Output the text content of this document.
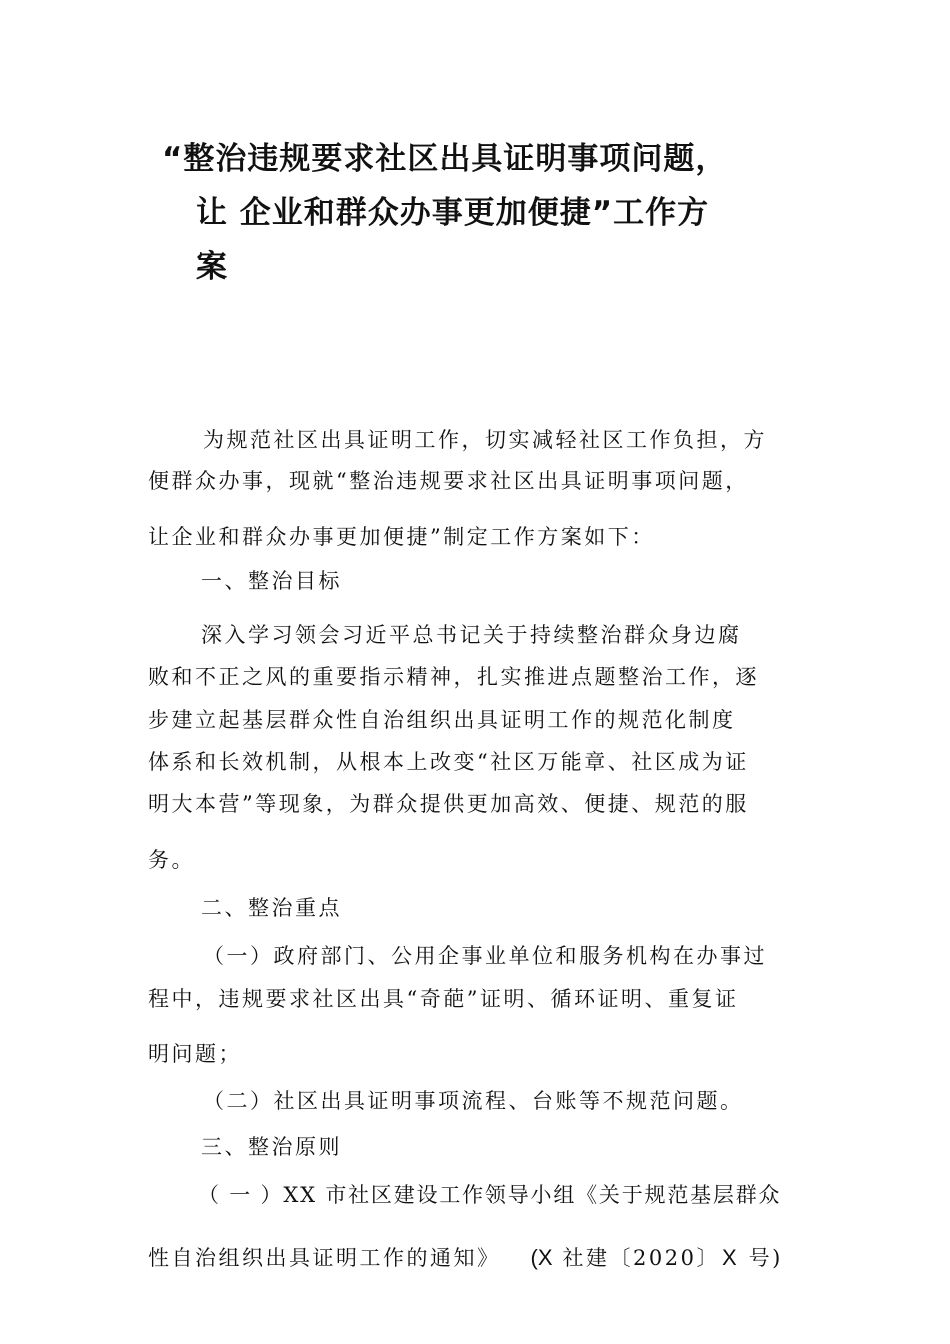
“整治违规要求社区出具证明事项问题，
让 企业和群众办事更加便捷”工作方
案
为规范社区出具证明工作，切实减轻社区工作负担，方
便群众办事，现就“整治违规要求社区出具证明事项问题，
让企业和群众办事更加便捷”制定工作方案如下：
一、整治目标
深入学习领会习近平总书记关于持续整治群众身边腐
败和不正之风的重要指示精神，扎实推进点题整治工作，逐
步建立起基层群众性自治组织出具证明工作的规范化制度
体系和长效机制，从根本上改变“社区万能章、社区成为证
明大本营”等现象，为群众提供更加高效、便捷、规范的服
务。
二、整治重点
（一）政府部门、公用企事业单位和服务机构在办事过
程中，违规要求社区出具“奇葩”证明、循环证明、重复证
明问题；
（二）社区出具证明事项流程、台账等不规范问题。
三、整治原则
（ 一 ）XX 市社区建设工作领导小组《关于规范基层群众
性自治组织出具证明工作的通知》 (X 社建〔2020〕X 号)
